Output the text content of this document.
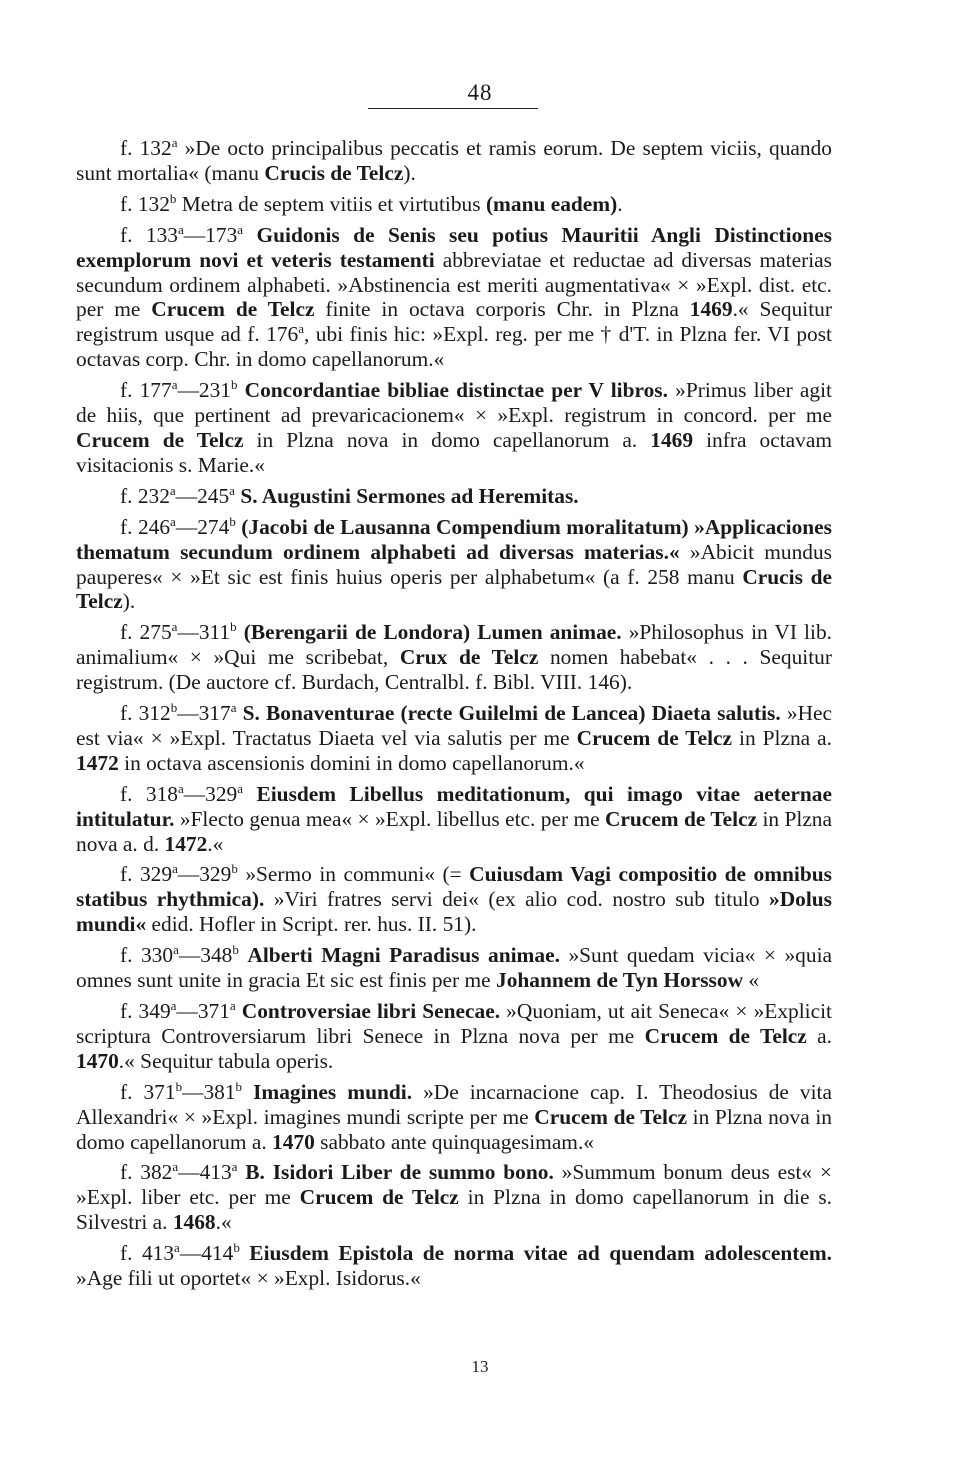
48

f. 132$^a$ »De octo principalibus peccatis et ramis eorum. De septem viciis, quando sunt mortalia« (manu Crucis de Telcz).

f. 132$^b$ Metra de septem vitiis et virtutibus (manu eadem).

f. 133$^a$—173$^a$ Guidonis de Senis seu potius Mauritii Angli Distinctiones exemplorum novi et veteris testamenti abbreviatae et reductae ad diversas materias secundum ordinem alphabeti. »Abstinencia est meriti augmentativa« × »Expl. dist. etc. per me Crucem de Telcz finite in octava corporis Chr. in Plzna 1469.« Sequitur registrum usque ad f. 176$^a$, ubi finis hic: »Expl. reg. per me † d'T. in Plzna fer. VI post octavas corp. Chr. in domo capellanorum.«

f. 177$^a$—231$^b$ Concordantiae bibliae distinctae per V libros. »Primus liber agit de hiis, que pertinent ad prevaricacionem« × »Expl. registrum in concord. per me Crucem de Telcz in Plzna nova in domo capellanorum a. 1469 infra octavam visitacionis s. Marie.«

f. 232$^a$—245$^a$ S. Augustini Sermones ad Heremitas.

f. 246$^a$—274$^b$ (Jacobi de Lausanna Compendium moralitatum) »Applicaciones thematum secundum ordinem alphabeti ad diversas materias.« »Abicit mundus pauperes« × »Et sic est finis huius operis per alphabetum« (a f. 258 manu Crucis de Telcz).

f. 275$^a$—311$^b$ (Berengarii de Londora) Lumen animae. »Philosophus in VI lib. animalium« × »Qui me scribebat, Crux de Telcz nomen habebat« . . . Sequitur registrum. (De auctore cf. Burdach, Centralbl. f. Bibl. VIII. 146).

f. 312$^b$—317$^a$ S. Bonaventurae (recte Guilelmi de Lancea) Diaeta salutis. »Hec est via« × »Expl. Tractatus Diaeta vel via salutis per me Crucem de Telcz in Plzna a. 1472 in octava ascensionis domini in domo capellanorum.«

f. 318$^a$—329$^a$ Eiusdem Libellus meditationum, qui imago vitae aeternae intitulatur. »Flecto genua mea« × »Expl. libellus etc. per me Crucem de Telcz in Plzna nova a. d. 1472.«

f. 329$^a$—329$^b$ »Sermo in communi« (= Cuiusdam Vagi compositio de omnibus statibus rhythmica). »Viri fratres servi dei« (ex alio cod. nostro sub titulo »Dolus mundi« edid. Hofler in Script. rer. hus. II. 51).

f. 330$^a$—348$^b$ Alberti Magni Paradisus animae. »Sunt quedam vicia« × »quia omnes sunt unite in gracia Et sic est finis per me Johannem de Tyn Horssow «

f. 349$^a$—371$^a$ Controversiae libri Senecae. »Quoniam, ut ait Seneca« × »Explicit scriptura Controversiarum libri Senece in Plzna nova per me Crucem de Telcz a. 1470.« Sequitur tabula operis.

f. 371$^b$—381$^b$ Imagines mundi. »De incarnacione cap. I. Theodosius de vita Allexandri« × »Expl. imagines mundi scripte per me Crucem de Telcz in Plzna nova in domo capellanorum a. 1470 sabbato ante quinquagesimam.«

f. 382$^a$—413$^a$ B. Isidori Liber de summo bono. »Summum bonum deus est« × »Expl. liber etc. per me Crucem de Telcz in Plzna in domo capellanorum in die s. Silvestri a. 1468.«

f. 413$^a$—414$^b$ Eiusdem Epistola de norma vitae ad quendam adolescentem. »Age fili ut oportet« × »Expl. Isidorus.«

13
